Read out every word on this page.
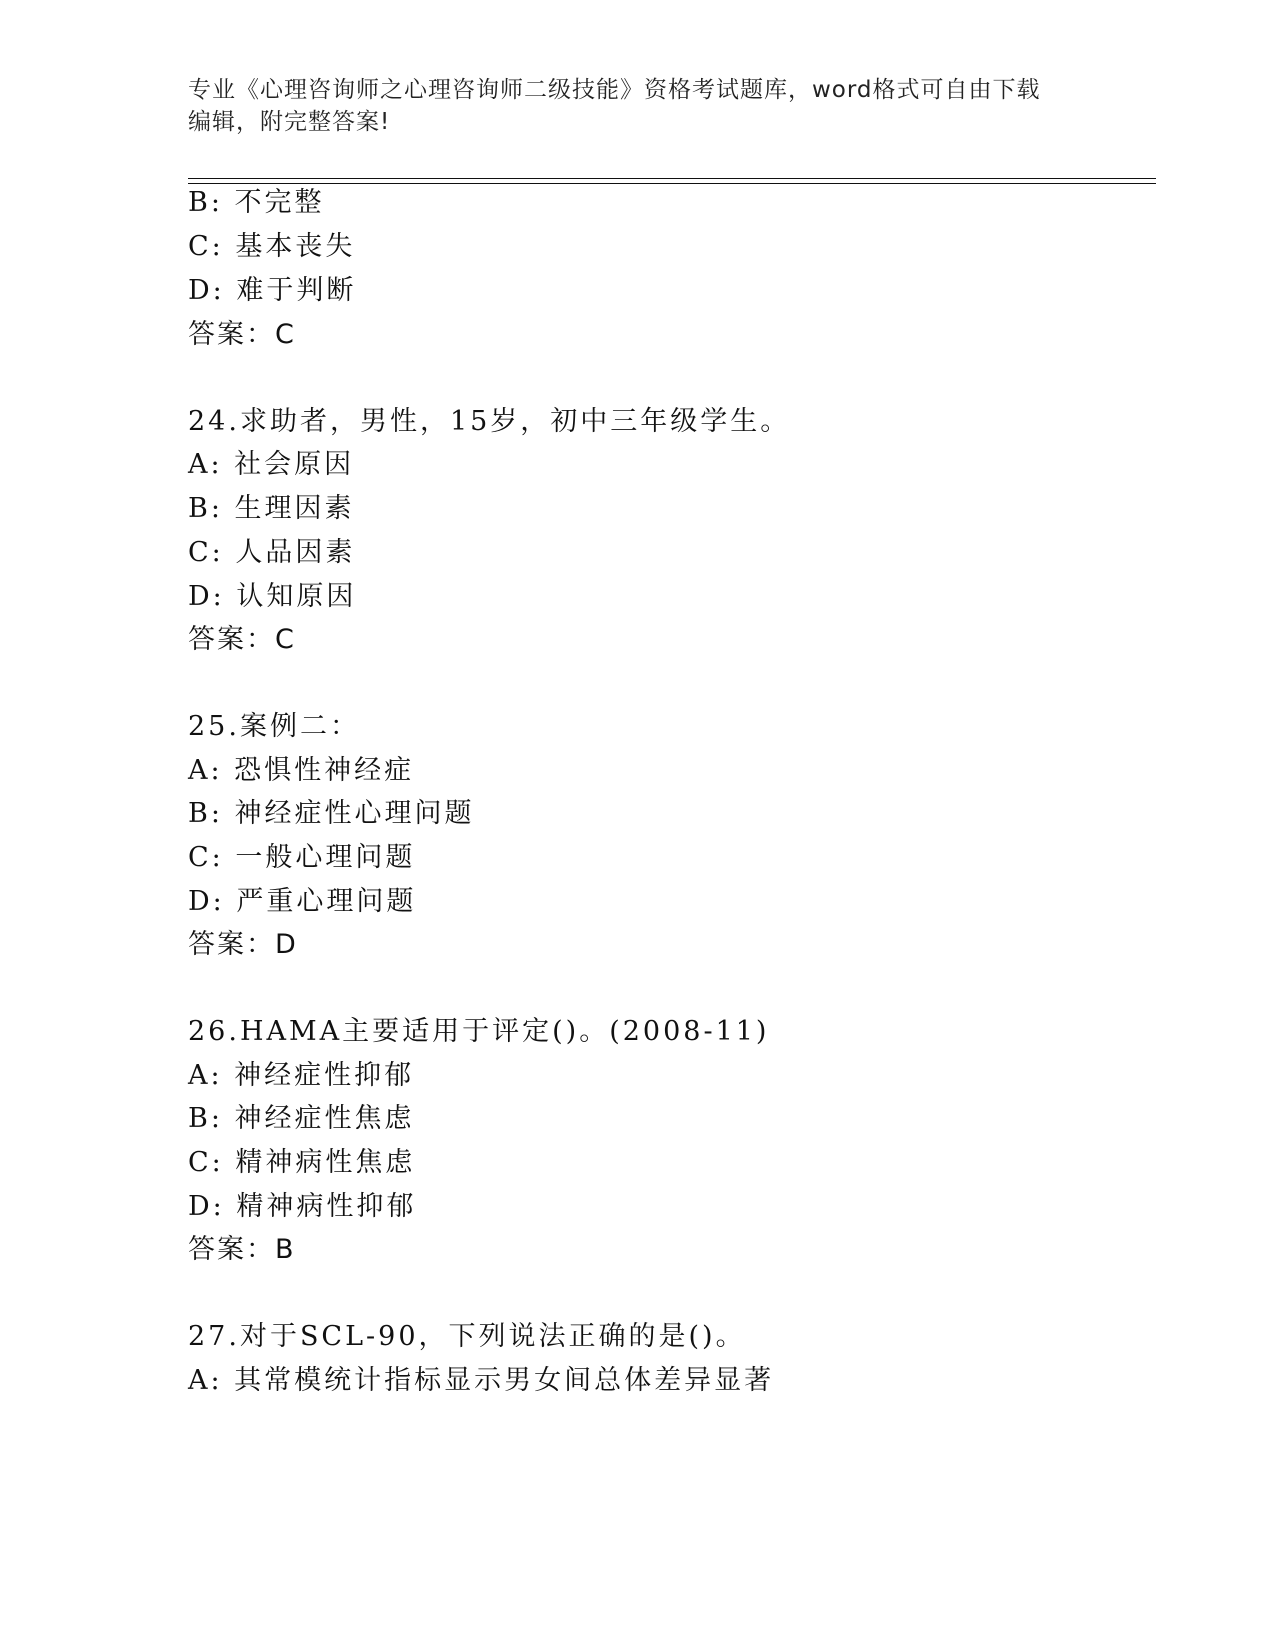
专业《心理咨询师之心理咨询师二级技能》资格考试题库，word格式可自由下载
编辑，附完整答案!
B: 不完整
C: 基本丧失
D: 难于判断
答案：C
24.求助者，男性，15岁，初中三年级学生。
A: 社会原因
B: 生理因素
C: 人品因素
D: 认知原因
答案：C
25.案例二：
A: 恐惧性神经症
B: 神经症性心理问题
C: 一般心理问题
D: 严重心理问题
答案：D
26.HAMA主要适用于评定()。(2008-11)
A: 神经症性抑郁
B: 神经症性焦虑
C: 精神病性焦虑
D: 精神病性抑郁
答案：B
27.对于SCL-90，下列说法正确的是()。
A: 其常模统计指标显示男女间总体差异显著
